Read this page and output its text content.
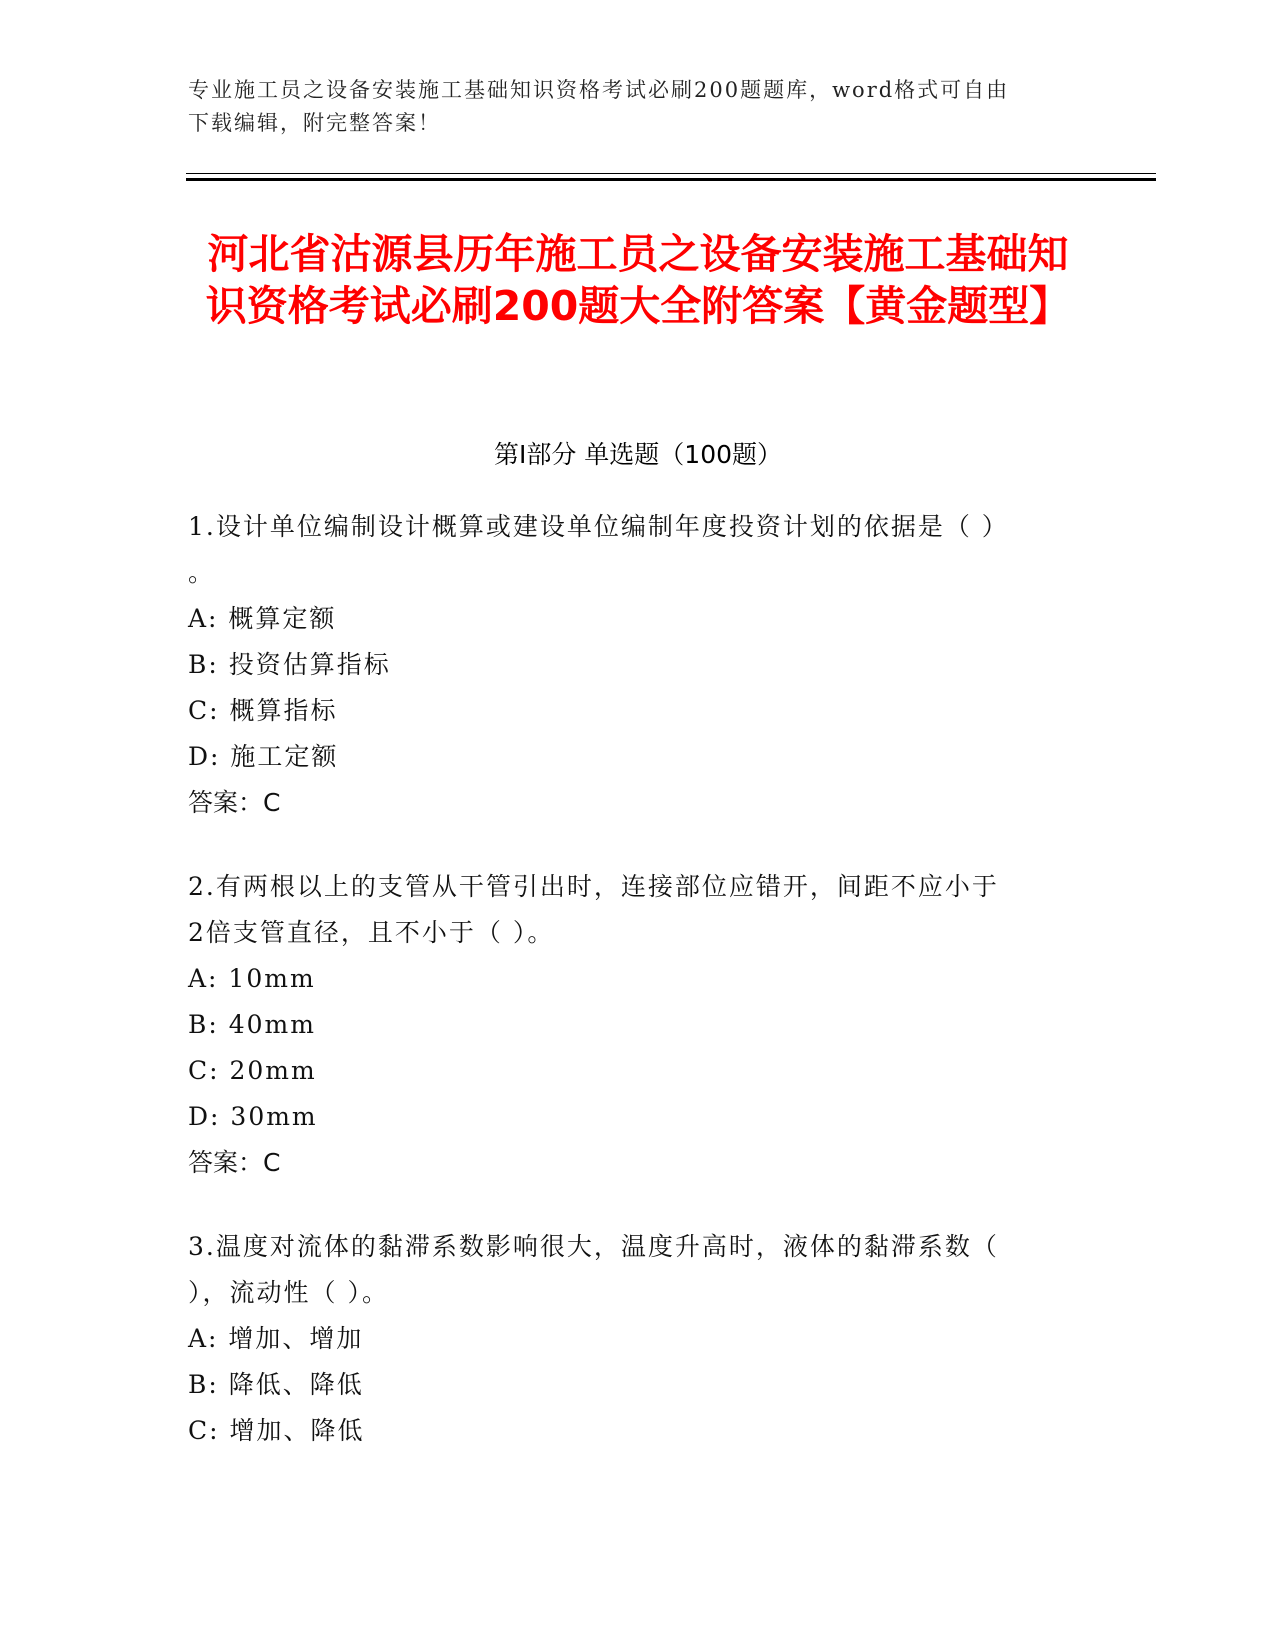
专业施工员之设备安装施工基础知识资格考试必刷200题题库，word格式可自由
下载编辑，附完整答案！
河北省沽源县历年施工员之设备安装施工基础知识资格考试必刷200题大全附答案【黄金题型】
第Ⅰ部分 单选题（100题）

1.设计单位编制设计概算或建设单位编制年度投资计划的依据是（ ）
。

A: 概算定额

B: 投资估算指标

C: 概算指标

D: 施工定额

答案：C

2.有两根以上的支管从干管引出时，连接部位应错开，间距不应小于
2倍支管直径，且不小于（ ）。

A: 10mm

B: 40mm

C: 20mm

D: 30mm

答案：C

3.温度对流体的黏滞系数影响很大，温度升高时，液体的黏滞系数（
），流动性（ ）。

A: 增加、增加

B: 降低、降低

C: 增加、降低
